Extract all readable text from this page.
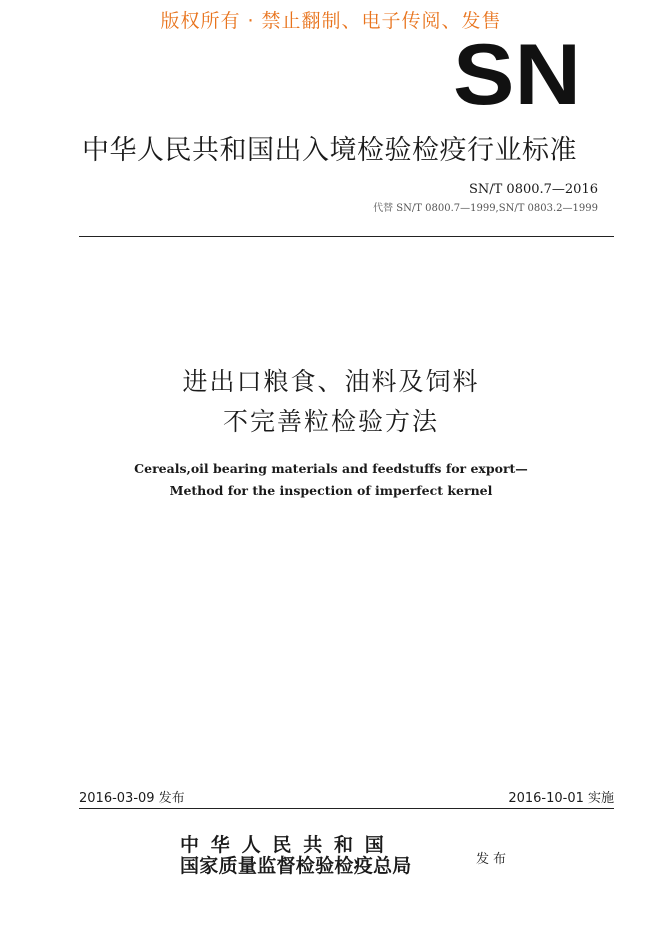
版权所有 · 禁止翻制、电子传阅、发售
SN
中华人民共和国出入境检验检疫行业标准
SN/T 0800.7—2016
代替 SN/T 0800.7—1999,SN/T 0803.2—1999
进出口粮食、油料及饲料
不完善粒检验方法
Cereals,oil bearing materials and feedstuffs for export—
Method for the inspection of imperfect kernel
2016-03-09 发布	2016-10-01 实施
中华人民共和国
国家质量监督检验检疫总局	发布
